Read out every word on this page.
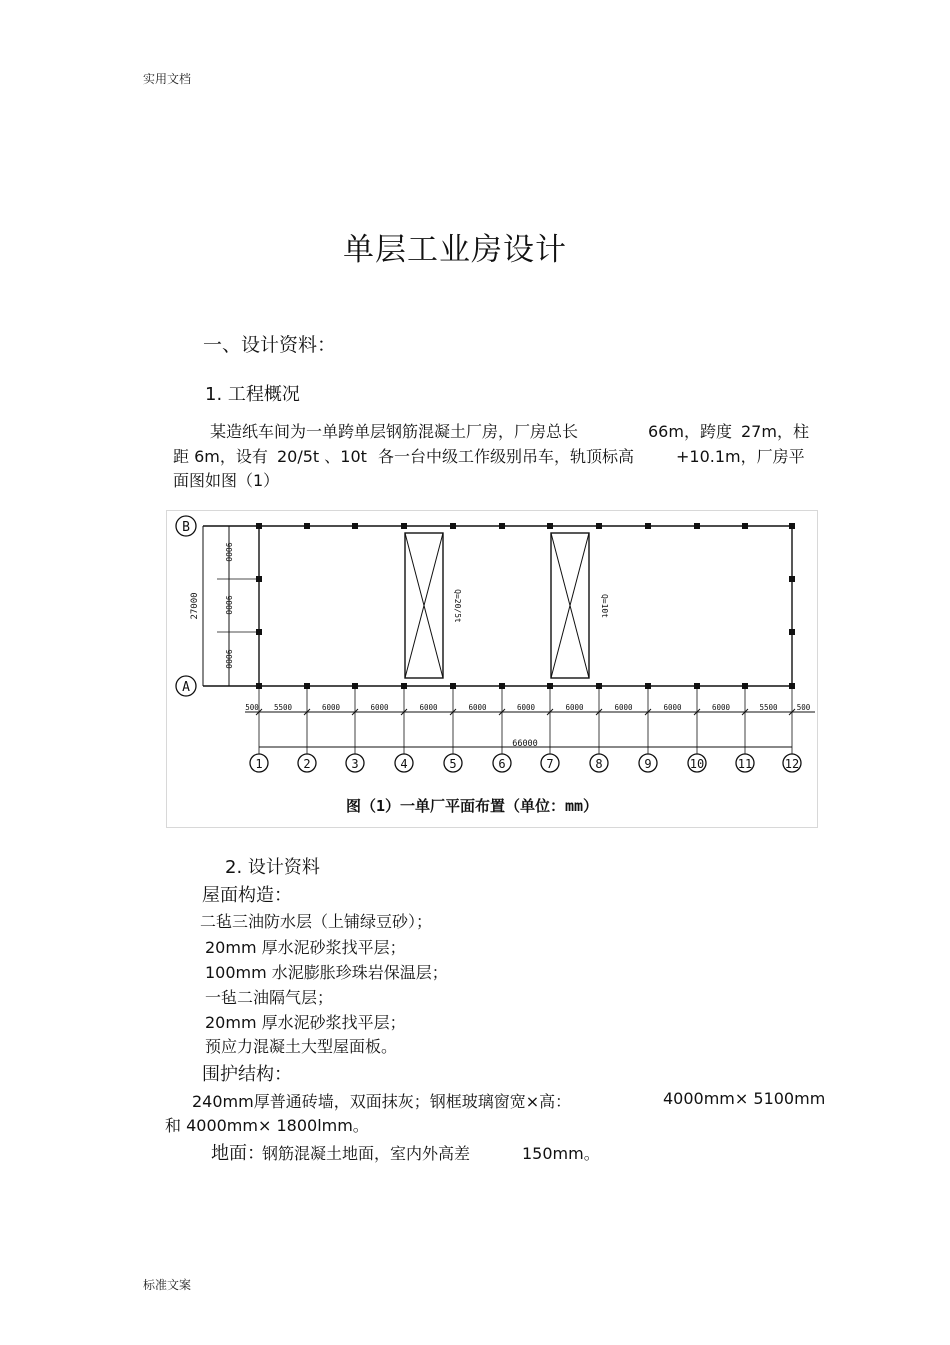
实用文档
单层工业房设计
一、设计资料：
1. 工程概况
某造纸车间为一单跨单层钢筋混凝土厂房，厂房总长	66m，跨度 27m，柱
距 6m，设有 20/5t 、10t 各一台中级工作级别吊车，轨顶标高	+10.1m，厂房平
面图如图（1）
B
A
9000
9000
9000
27000	Q=20/5t	Q=10t
66000
图（1）一单厂平面布置（单位：mm）
1	2	3	4	5	6	7	8	9	10	11	12
500 5500	6000	6000	6000	6000	6000	6000	6000	6000	6000	5500	500
2. 设计资料
屋面构造：
二毡三油防水层（上铺绿豆砂）；
20mm 厚水泥砂浆找平层；
100mm 水泥膨胀珍珠岩保温层；
一毡二油隔气层；
20mm 厚水泥砂浆找平层；
预应力混凝土大型屋面板。
围护结构：
240mm厚普通砖墙，双面抹灰；钢框玻璃窗宽×高：	4000mm× 5100mm
和 4000mm× 1800lmm。
地面：
钢筋混凝土地面，室内外高差	150mm。
标准文案
